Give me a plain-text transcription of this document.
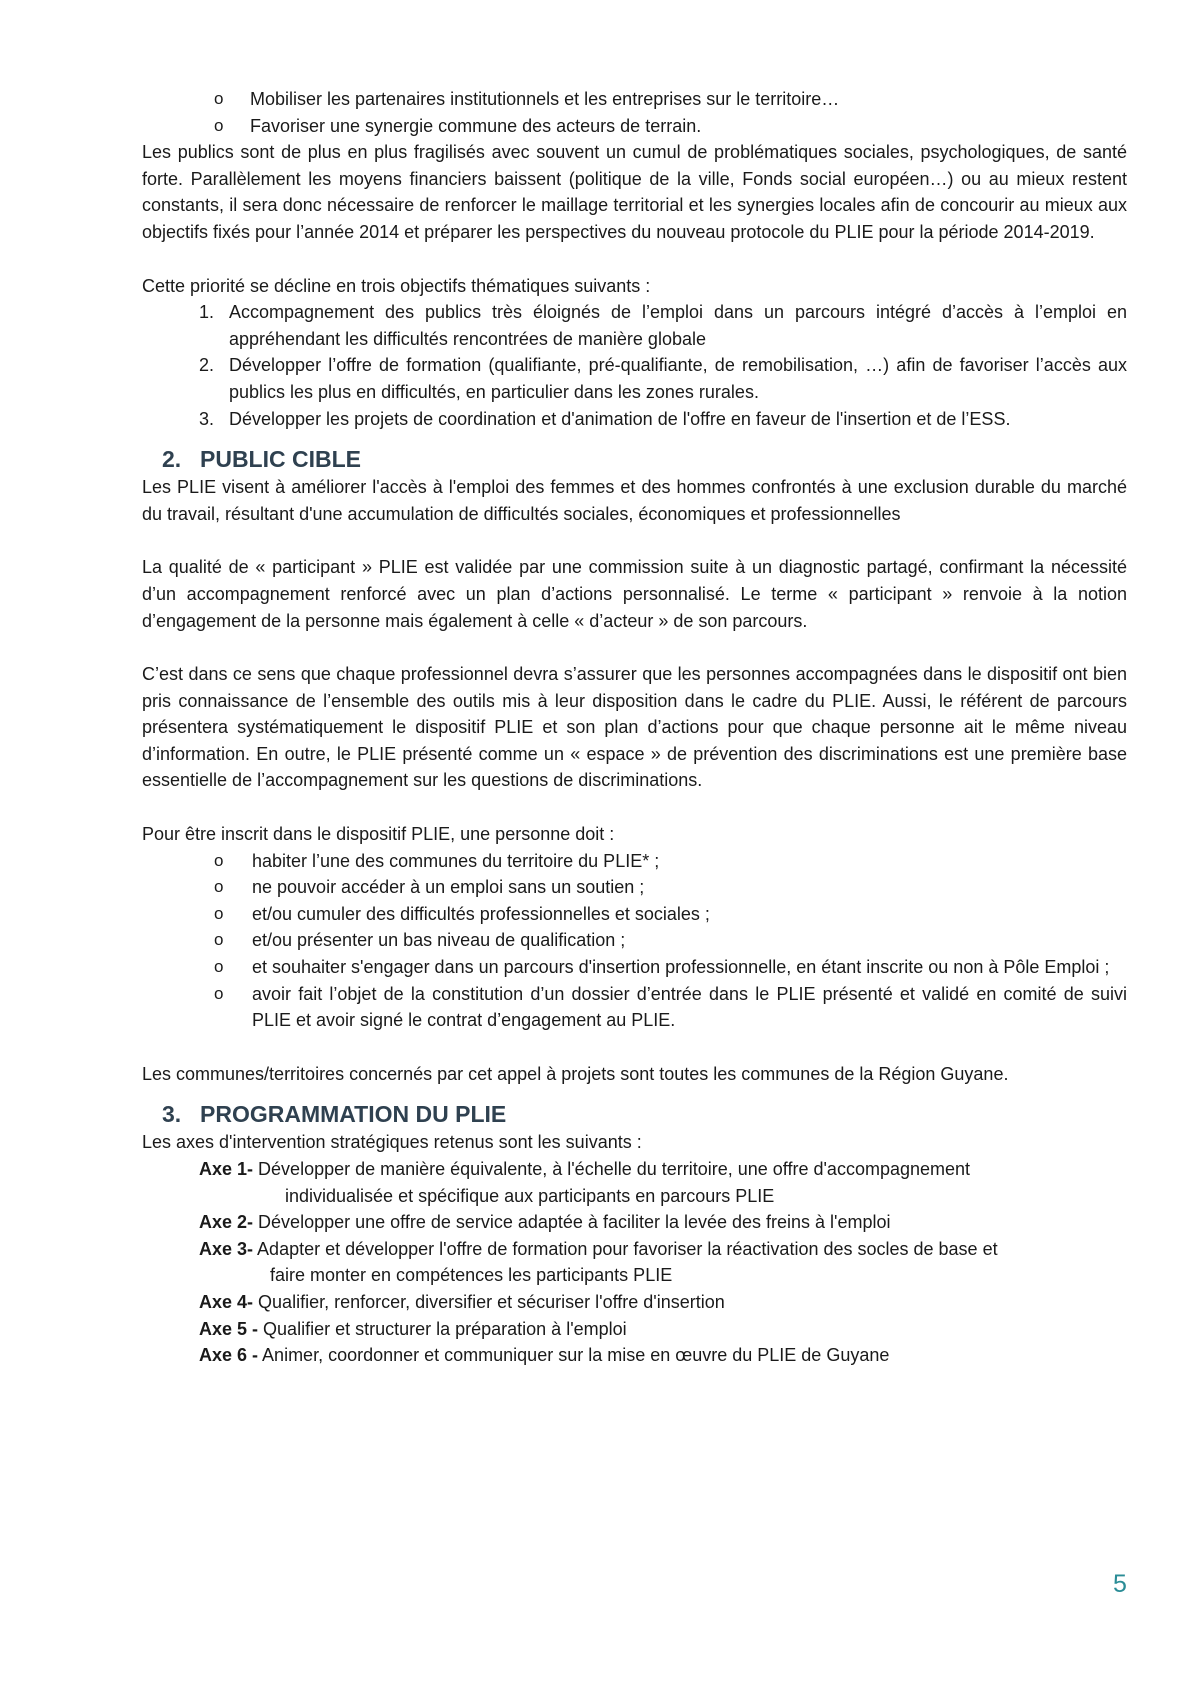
o Mobiliser les partenaires institutionnels et les entreprises sur le territoire…
o Favoriser une synergie commune des acteurs de terrain.

Les publics sont de plus en plus fragilisés avec souvent un cumul de problématiques sociales, psychologiques, de santé forte. Parallèlement les moyens financiers baissent (politique de la ville, Fonds social européen…) ou au mieux restent constants, il sera donc nécessaire de renforcer le maillage territorial et les synergies locales afin de concourir au mieux aux objectifs fixés pour l’année 2014 et préparer les perspectives du nouveau protocole du PLIE pour la période 2014-2019.

Cette priorité se décline en trois objectifs thématiques suivants :

1. Accompagnement des publics très éloignés de l’emploi dans un parcours intégré d’accès à l’emploi en appréhendant les difficultés rencontrées de manière globale
2. Développer l’offre de formation (qualifiante, pré-qualifiante, de remobilisation, …) afin de favoriser l’accès aux publics les plus en difficultés, en particulier dans les zones rurales.
3. Développer les projets de coordination et d'animation de l'offre en faveur de l'insertion et de l’ESS.
2. PUBLIC CIBLE

Les PLIE visent à améliorer l'accès à l'emploi des femmes et des hommes confrontés à une exclusion durable du marché du travail, résultant d'une accumulation de difficultés sociales, économiques et professionnelles

La qualité de « participant » PLIE est validée par une commission suite à un diagnostic partagé, confirmant la nécessité d’un accompagnement renforcé avec un plan d’actions personnalisé. Le terme « participant » renvoie à la notion d’engagement de la personne mais également à celle « d’acteur » de son parcours.

C’est dans ce sens que chaque professionnel devra s’assurer que les personnes accompagnées dans le dispositif ont bien pris connaissance de l’ensemble des outils mis à leur disposition dans le cadre du PLIE. Aussi, le référent de parcours présentera systématiquement le dispositif PLIE et son plan d’actions pour que chaque personne ait le même niveau d’information. En outre, le PLIE présenté comme un « espace » de prévention des discriminations est une première base essentielle de l’accompagnement sur les questions de discriminations.

Pour être inscrit dans le dispositif PLIE, une personne doit :

o habiter l’une des communes du territoire du PLIE* ;
o ne pouvoir accéder à un emploi sans un soutien ;
o et/ou cumuler des difficultés professionnelles et sociales ;
o et/ou présenter un bas niveau de qualification ;
o et souhaiter s'engager dans un parcours d'insertion professionnelle, en étant inscrite ou non à Pôle Emploi ;
o avoir fait l’objet de la constitution d’un dossier d’entrée dans le PLIE présenté et validé en comité de suivi PLIE et avoir signé le contrat d’engagement au PLIE.

Les communes/territoires concernés par cet appel à projets sont toutes les communes de la Région Guyane.

3. PROGRAMMATION DU PLIE

Les axes d'intervention stratégiques retenus sont les suivants :

Axe 1- Développer de manière équivalente, à l'échelle du territoire, une offre d'accompagnement
individualisée et spécifique aux participants en parcours PLIE
Axe 2- Développer une offre de service adaptée à faciliter la levée des freins à l'emploi
Axe 3- Adapter et développer l'offre de formation pour favoriser la réactivation des socles de base et
faire monter en compétences les participants PLIE
Axe 4- Qualifier, renforcer, diversifier et sécuriser l'offre d'insertion
Axe 5 - Qualifier et structurer la préparation à l'emploi
Axe 6 - Animer, coordonner et communiquer sur la mise en œuvre du PLIE de Guyane
5
